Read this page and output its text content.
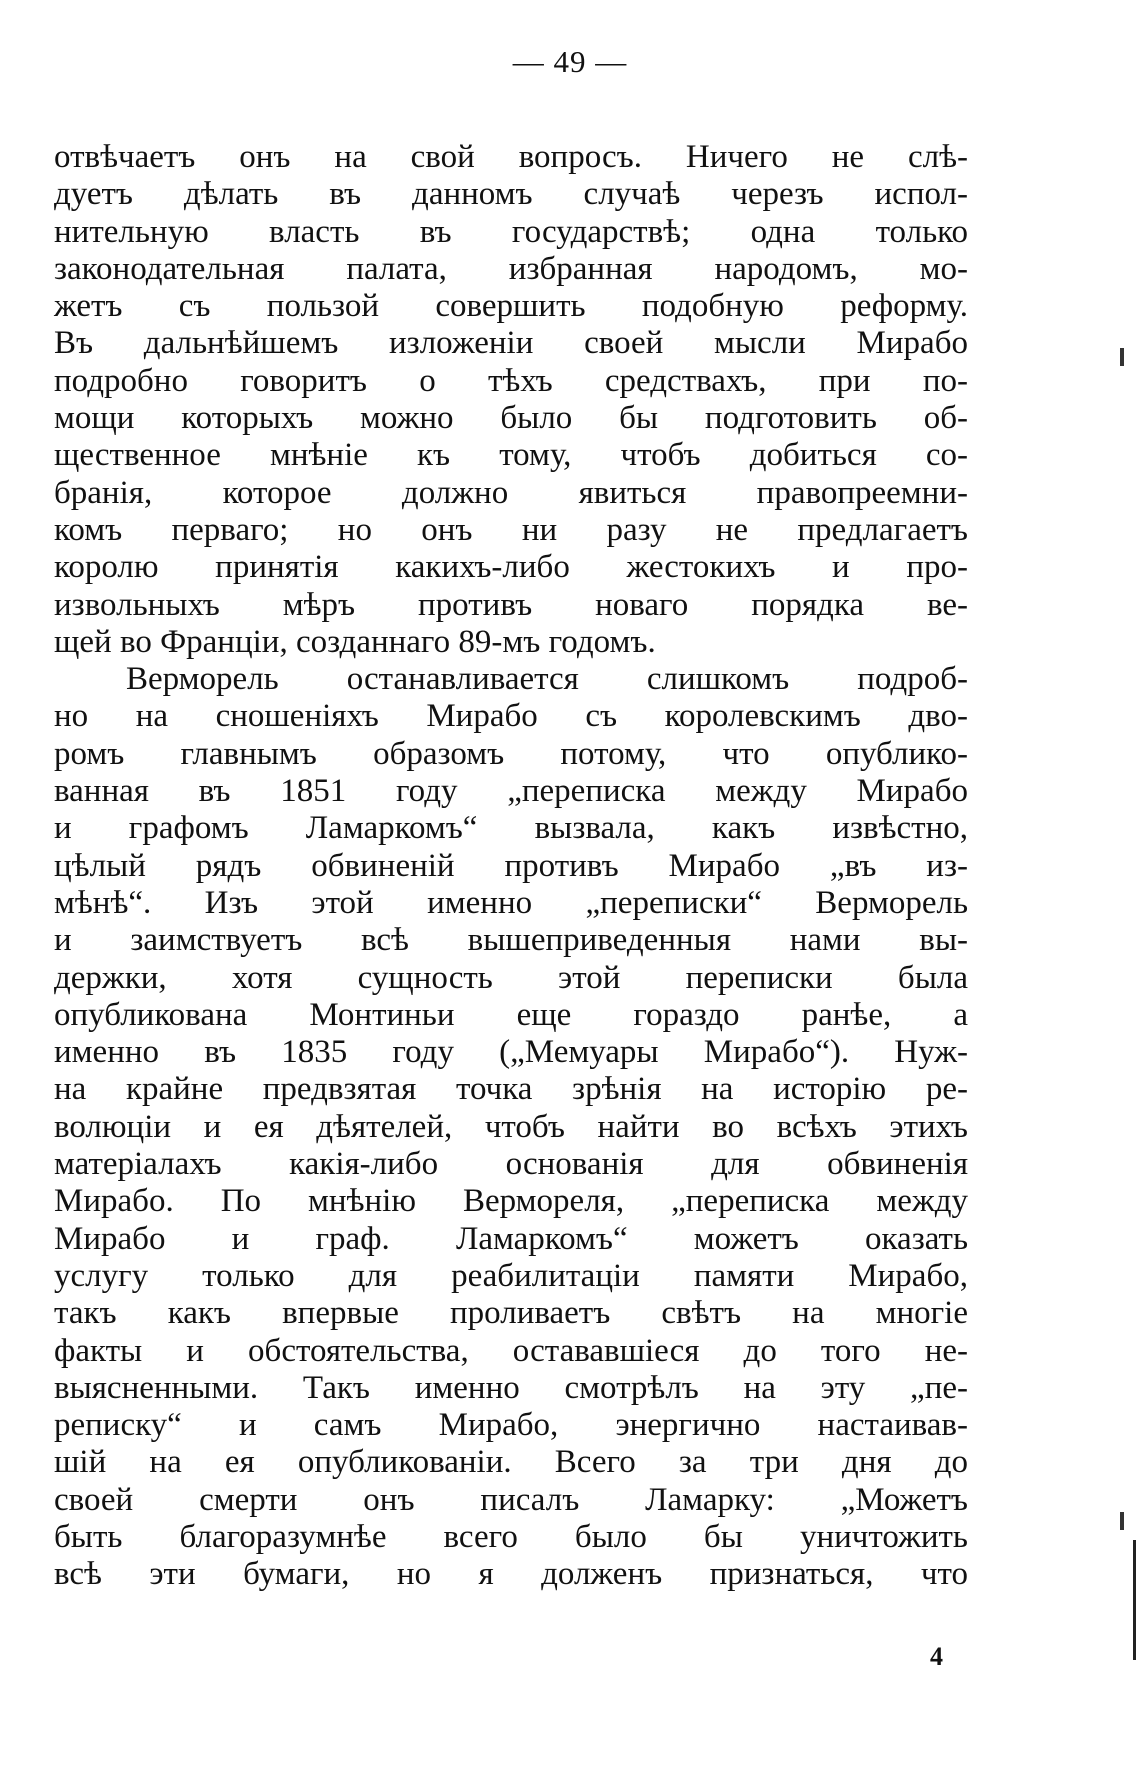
— 49 —
отвѣчаетъ онъ на свой вопросъ. Ничего не слѣ-
дуетъ дѣлать въ данномъ случаѣ черезъ испол-
нительную власть въ государствѣ; одна только
законодательная палата, избранная народомъ, мо-
жетъ съ пользой совершить подобную реформу.
Въ дальнѣйшемъ изложеніи своей мысли Мирабо
подробно говоритъ о тѣхъ средствахъ, при по-
мощи которыхъ можно было бы подготовить об-
щественное мнѣніе къ тому, чтобъ добиться со-
бранія, которое должно явиться правопреемни-
комъ перваго; но онъ ни разу не предлагаетъ
королю принятія какихъ-либо жестокихъ и про-
извольныхъ мѣръ противъ новаго порядка ве-
щей во Франціи, созданнаго 89-мъ годомъ.
Верморель останавливается слишкомъ подроб-
но на сношеніяхъ Мирабо съ королевскимъ дво-
ромъ главнымъ образомъ потому, что опублико-
ванная въ 1851 году „переписка между Мирабо
и графомъ Ламаркомъ“ вызвала, какъ извѣстно,
цѣлый рядъ обвиненій противъ Мирабо „въ из-
мѣнѣ“. Изъ этой именно „переписки“ Верморель
и заимствуетъ всѣ вышеприведенныя нами вы-
держки, хотя сущность этой переписки была
опубликована Монтиньи еще гораздо ранѣе, а
именно въ 1835 году („Мемуары Мирабо“). Нуж-
на крайне предвзятая точка зрѣнія на исторію ре-
волюціи и ея дѣятелей, чтобъ найти во всѣхъ этихъ
матеріалахъ какія-либо основанія для обвиненія
Мирабо. По мнѣнію Вермореля, „переписка между
Мирабо и граф. Ламаркомъ“ можетъ оказать
услугу только для реабилитаціи памяти Мирабо,
такъ какъ впервые проливаетъ свѣтъ на многіе
факты и обстоятельства, остававшіеся до того не-
выясненными. Такъ именно смотрѣлъ на эту „пе-
реписку“ и самъ Мирабо, энергично настаивав-
шій на ея опубликованіи. Всего за три дня до
своей смерти онъ писалъ Ламарку: „Можетъ
быть благоразумнѣе всего было бы уничтожить
всѣ эти бумаги, но я долженъ признаться, что
4
